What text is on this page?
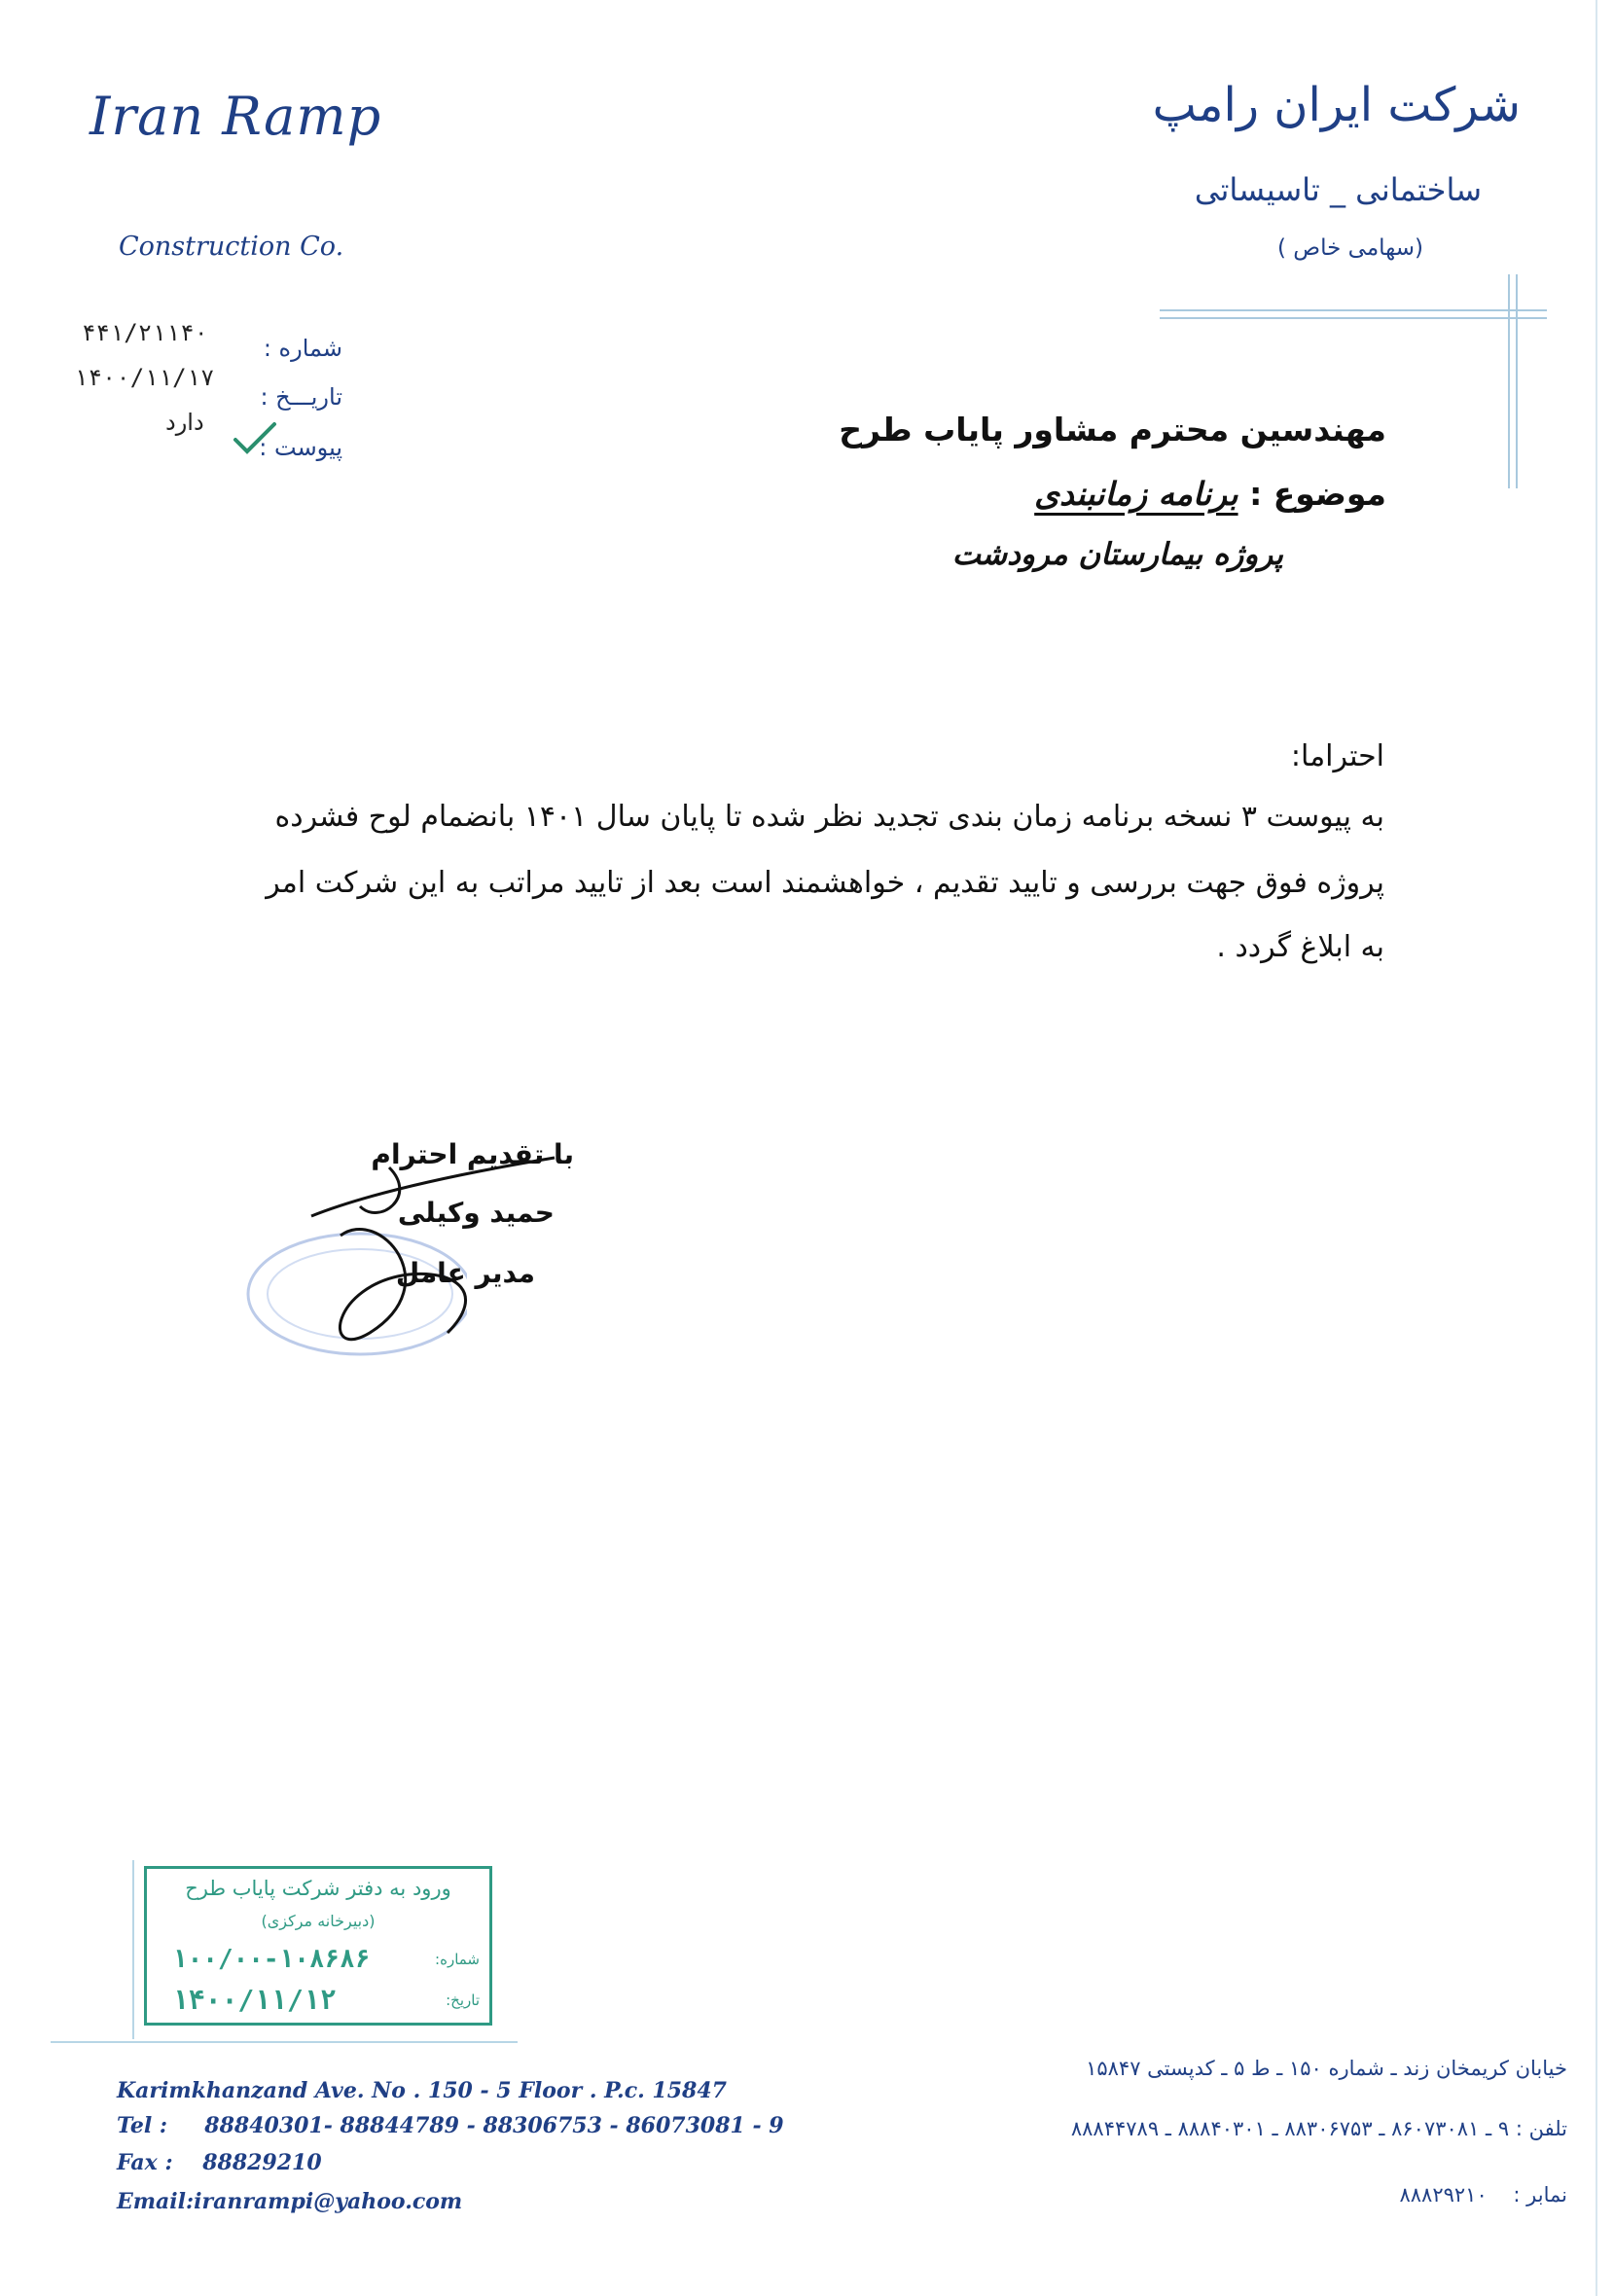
Iran Ramp
Construction Co.
شرکت ایران رامپ
ساختمانی _ تاسیساتی
(سهامی خاص )
۴۴۱/۲۱۱۴۰
۱۴۰۰/۱۱/۱۷
دارد
شماره :
تاریـــخ :
پیوست :	مهندسین محترم مشاور پایاب طرح
موضوع : برنامه زمانبندی
پروژه بیمارستان مرودشت
احتراما:
به پیوست ۳ نسخه برنامه زمان بندی تجدید نظر شده تا پایان سال ۱۴۰۱ بانضمام لوح فشرده
پروژه فوق جهت بررسی و تایید تقدیم ، خواهشمند است بعد از تایید مراتب به این شرکت امر
به ابلاغ گردد .
با تقدیم احترام
حمید وکیلی
مدیر عامل
ورود به دفتر شرکت پایاب طرح
(دبیرخانه مرکزی)
شماره:
۱۰۰/۰۰-۱۰۸۶۸۶
تاریخ:
۱۴۰۰/۱۱/۱۲
Karimkhanzand Ave. No . 150 - 5 Floor . P.c. 15847
Tel :     88840301- 88844789 - 88306753 - 86073081 - 9
Fax :    88829210
Email:iranrampi@yahoo.com
خیابان کریمخان زند ـ شماره ۱۵۰ ـ ط ۵ ـ کدپستی ۱۵۸۴۷
تلفن : ۹ ـ ۸۶۰۷۳۰۸۱ ـ ۸۸۳۰۶۷۵۳ ـ ۸۸۸۴۰۳۰۱ ـ ۸۸۸۴۴۷۸۹
نمابر :    ۸۸۸۲۹۲۱۰
